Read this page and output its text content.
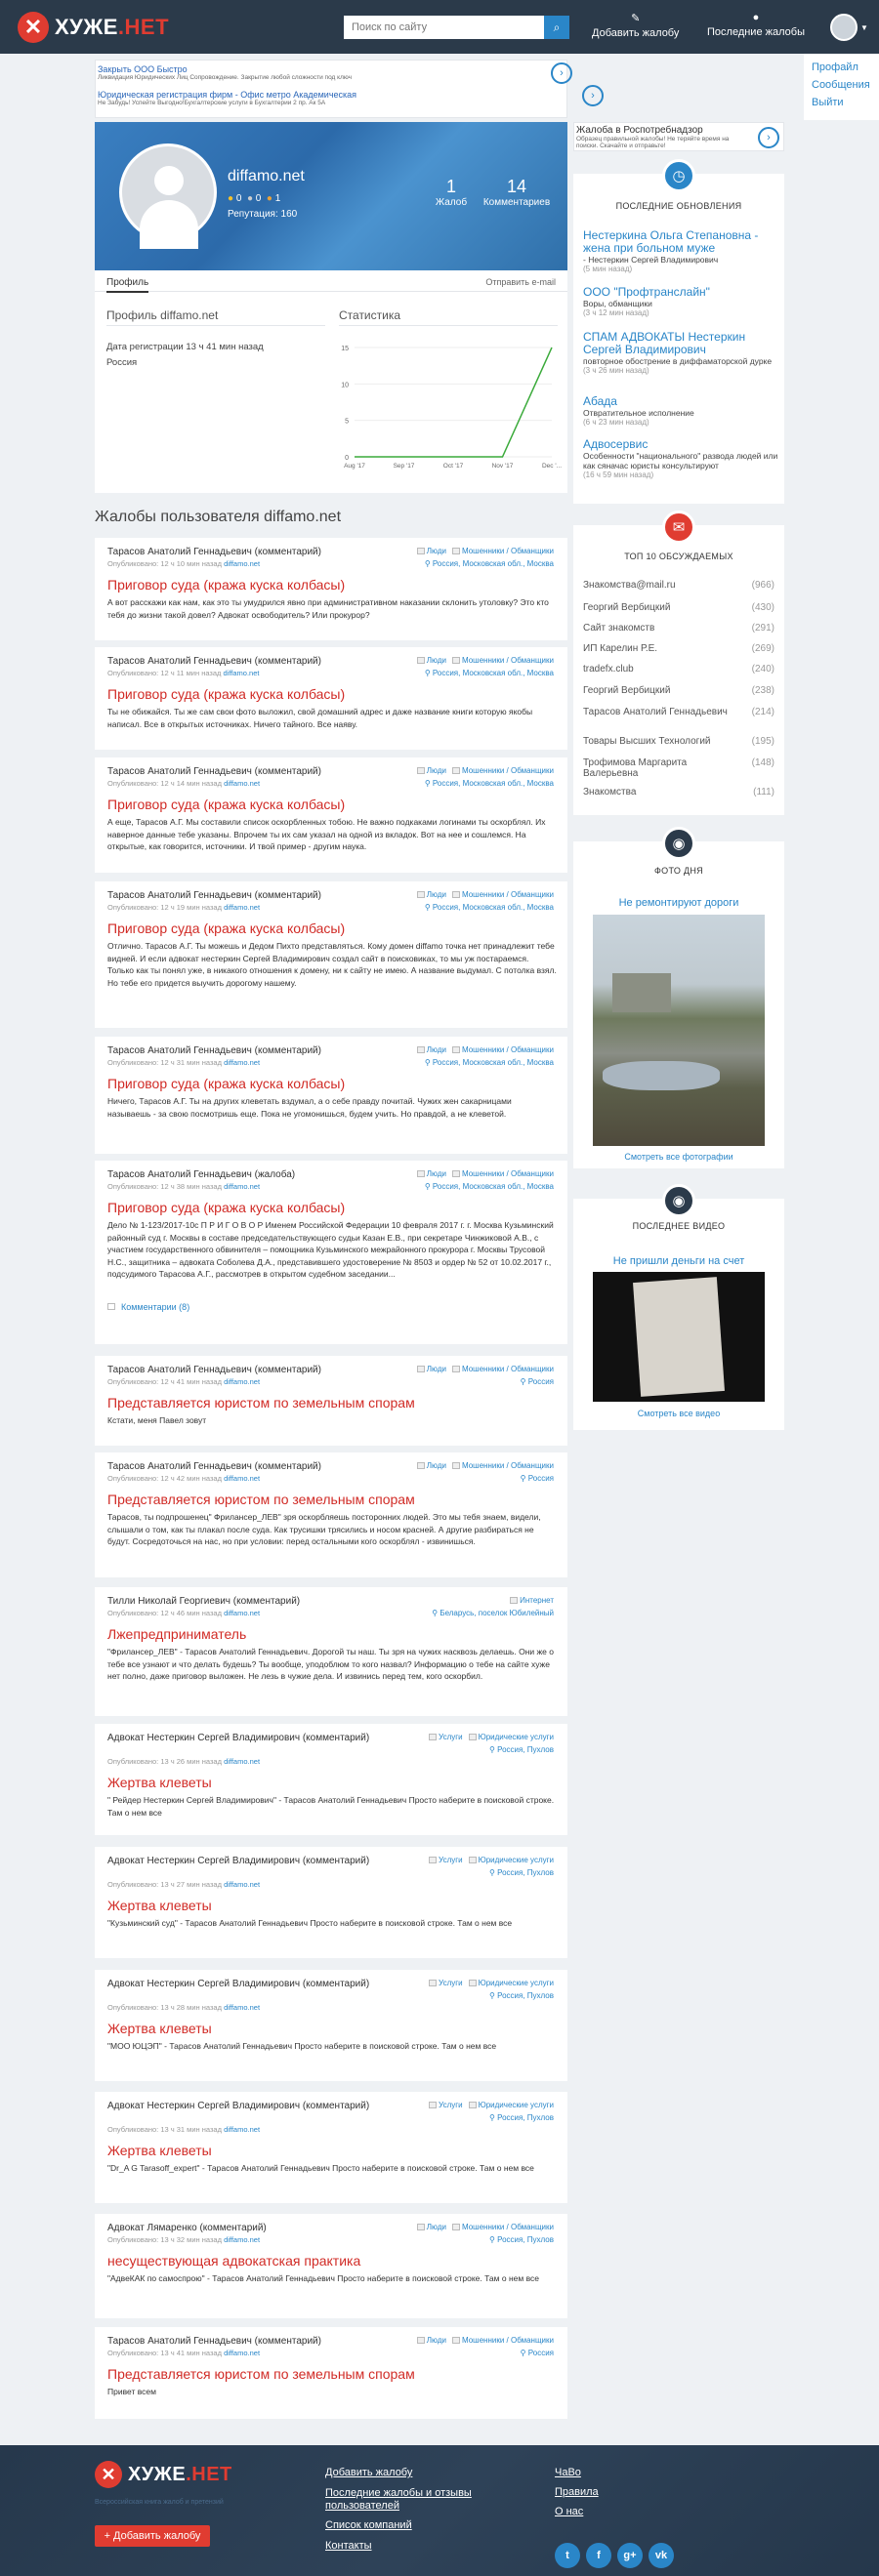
✕ ХУЖЕ.НЕТ
Поиск по сайту	⌕
✎
Добавить жалобу
●
Последние жалобы	▼
Профайл
Сообщения
Выйти
Закрыть ООО Быстро
Ликвидация Юридических Лиц Сопровождение. Закрытие любой сложности под ключ
Юридическая регистрация фирм - Офис метро Академическая
Не Забудь! Успейте Выгодно!Бухгалтерские услуги в Бухгалтерии 2 пр. Ак 5А
›
›
Жалоба в Роспотребнадзор
Образец правильной жалобы! Не теряйте время на поиски. Скачайте и отправьте!
›
diffamo.net
● 0 ● 0 ● 1
Репутация: 160
1
Жалоб
14
Комментариев
Профиль	Отправить e-mail
Профиль diffamo.net
Дата регистрации 13 ч 41 мин назад
Россия
Статистика
0
5
10
15
Aug '17	Sep '17	Oct '17	Nov '17	Dec '...
Жалобы пользователя diffamo.net
Тарасов Анатолий Геннадьевич (комментарий)
Опубликовано: 12 ч 10 мин назад diffamo.net
Люди Мошенники / Обманщики
⚲ Россия, Московская обл., Москва
Приговор суда (кража куска колбасы)
А вот расскажи как нам, как это ты умудрился явно при административном наказании склонить утоловку? Это кто тебя до жизни такой довел? Адвокат освободитель? Или прокурор?
Тарасов Анатолий Геннадьевич (комментарий)
Опубликовано: 12 ч 11 мин назад diffamo.net
Люди Мошенники / Обманщики
⚲ Россия, Московская обл., Москва
Приговор суда (кража куска колбасы)
Ты не обижайся. Ты же сам свои фото выложил, свой домашний адрес и даже название книги которую якобы написал. Все в открытых источниках. Ничего тайного. Все наяву.
Тарасов Анатолий Геннадьевич (комментарий)
Опубликовано: 12 ч 14 мин назад diffamo.net
Люди Мошенники / Обманщики
⚲ Россия, Московская обл., Москва
Приговор суда (кража куска колбасы)
А еще, Тарасов А.Г. Мы составили список оскорбленных тобою. Не важно подкаками логинами ты оскорблял. Их наверное данные тебе указаны. Впрочем ты их сам указал на одной из вкладок. Вот на нее и сошлемся. На открытые, как говорится, источники. И твой пример - другим наука.
Тарасов Анатолий Геннадьевич (комментарий)
Опубликовано: 12 ч 19 мин назад diffamo.net
Люди Мошенники / Обманщики
⚲ Россия, Московская обл., Москва
Приговор суда (кража куска колбасы)
Отлично. Тарасов А.Г. Ты можешь и Дедом Пихто представляться. Кому домен diffamo точка нет принадлежит тебе видней. И если адвокат нестеркин Сергей Владимирович создал сайт в поисковиках, то мы уж постараемся. Только как ты понял уже, в никакого отношения к домену, ни к сайту не имею. А название выдумал. С потолка взял. Но тебе его придется выучить дорогому нашему.
Тарасов Анатолий Геннадьевич (комментарий)
Опубликовано: 12 ч 31 мин назад diffamo.net
Люди Мошенники / Обманщики
⚲ Россия, Московская обл., Москва
Приговор суда (кража куска колбасы)
Ничего, Тарасов А.Г. Ты на других клеветать вздумал, а о себе правду почитай. Чужих жен сакарницами называешь - за свою посмотришь еще. Пока не угомонишься, будем учить. Но правдой, а не клеветой.
Тарасов Анатолий Геннадьевич (жалоба)
Опубликовано: 12 ч 38 мин назад diffamo.net
Люди Мошенники / Обманщики
⚲ Россия, Московская обл., Москва
Приговор суда (кража куска колбасы)
Дело № 1-123/2017-10с П Р И Г О В О Р Именем Российской Федерации 10 февраля 2017 г. г. Москва Кузьминский районный суд г. Москвы в составе председательствующего судьи Казан Е.В., при секретаре Чинжиковой А.В., с участием государственного обвинителя – помощника Кузьминского межрайонного прокурора г. Москвы Трусовой Н.С., защитника – адвоката Соболева Д.А., представившего удостоверение № 8503 и ордер № 52 от 10.02.2017 г., подсудимого Тарасова А.Г., рассмотрев в открытом судебном заседании...
Комментарии (8)
Тарасов Анатолий Геннадьевич (комментарий)
Опубликовано: 12 ч 41 мин назад diffamo.net
Люди Мошенники / Обманщики
⚲ Россия
Представляется юристом по земельным спорам
Кстати, меня Павел зовут
Тарасов Анатолий Геннадьевич (комментарий)
Опубликовано: 12 ч 42 мин назад diffamo.net
Люди Мошенники / Обманщики
⚲ Россия
Представляется юристом по земельным спорам
Тарасов, ты подпрошенец" Фрилансер_ЛЕВ" зря оскорбляешь посторонних людей. Это мы тебя знаем, видели, слышали о том, как ты плакал после суда. Как трусишки трясились и носом красней. А другие разбираться не будут. Сосредоточься на нас, но при условии: перед остальными кого оскорблял - извинишься.
Тилли Николай Георгиевич (комментарий)
Опубликовано: 12 ч 46 мин назад diffamo.net
Интернет
⚲ Беларусь, поселок Юбилейный
Лжепредприниматель
"Фрилансер_ЛЕВ" - Тарасов Анатолий Геннадьевич. Дорогой ты наш. Ты зря на чужих насквозь делаешь. Они же о тебе все узнают и что делать будешь? Ты вообще, уподоблюм то кого назвал? Информацию о тебе на сайте хуже нет полно, даже приговор выложен. Не лезь в чужие дела. И извинись перед тем, кого оскорбил.
Адвокат Нестеркин Сергей Владимирович (комментарий)
Опубликовано: 13 ч 26 мин назад diffamo.net
Услуги Юридические услуги
⚲ Россия, Пухлов
Жертва клеветы
" Рейдер Нестеркин Сергей Владимирович" - Тарасов Анатолий Геннадьевич Просто наберите в поисковой строке. Там о нем все
Адвокат Нестеркин Сергей Владимирович (комментарий)
Опубликовано: 13 ч 27 мин назад diffamo.net
Услуги Юридические услуги
⚲ Россия, Пухлов
Жертва клеветы
"Кузьминский суд" - Тарасов Анатолий Геннадьевич Просто наберите в поисковой строке. Там о нем все
Адвокат Нестеркин Сергей Владимирович (комментарий)
Опубликовано: 13 ч 28 мин назад diffamo.net
Услуги Юридические услуги
⚲ Россия, Пухлов
Жертва клеветы
"МОО ЮЦЭП" - Тарасов Анатолий Геннадьевич Просто наберите в поисковой строке. Там о нем все
Адвокат Нестеркин Сергей Владимирович (комментарий)
Опубликовано: 13 ч 31 мин назад diffamo.net
Услуги Юридические услуги
⚲ Россия, Пухлов
Жертва клеветы
"Dr_A G Tarasoff_expert" - Тарасов Анатолий Геннадьевич Просто наберите в поисковой строке. Там о нем все
Адвокат Лямаренко (комментарий)
Опубликовано: 13 ч 32 мин назад diffamo.net
Люди Мошенники / Обманщики
⚲ Россия, Пухлов
несуществующая адвокатская практика
"АдвеКАК по самоспрою" - Тарасов Анатолий Геннадьевич Просто наберите в поисковой строке. Там о нем все
Тарасов Анатолий Геннадьевич (комментарий)
Опубликовано: 13 ч 41 мин назад diffamo.net
Люди Мошенники / Обманщики
⚲ Россия
Представляется юристом по земельным спорам
Привет всем
◷
ПОСЛЕДНИЕ ОБНОВЛЕНИЯ
Нестеркина Ольга Степановна - жена при больном муже
- Нестеркин Сергей Владимирович
(5 мин назад)
ООО "Профтранслайн"
Воры, обманщики
(3 ч 12 мин назад)
СПАМ АДВОКАТЫ Нестеркин Сергей Владимирович
повторное обострение в диффаматорской дурке
(3 ч 26 мин назад)
Абада
Отвратительное исполнение
(6 ч 23 мин назад)
Адвосервис
Особенности "национального" развода людей или как сяначас юристы консультируют
(16 ч 59 мин назад)
✉
ТОП 10 ОБСУЖДАЕМЫХ
Знакомства@mail.ru	(966)
Георгий Вербицкий	(430)
Сайт знакомств	(291)
ИП Карелин Р.Е.	(269)
tradefx.club	(240)
Георгий Вербицкий	(238)
Тарасов Анатолий Геннадьевич (214)
Товары Высших Технологий	(195)
Трофимова Маргарита Валерьевна
(148)
Знакомства	(111)
◉
ФОТО ДНЯ
Не ремонтируют дороги
Смотреть все фотографии
◉
ПОСЛЕДНЕЕ ВИДЕО
Не пришли деньги на счет
Смотреть все видео
✕ ХУЖЕ.НЕТ
Всероссийская книга жалоб и претензий
+ Добавить жалобу
Добавить жалобу
Последние жалобы и отзывы пользователей
Список компаний
Контакты
ЧаВо
Правила
О нас
t	f	g+	vk
